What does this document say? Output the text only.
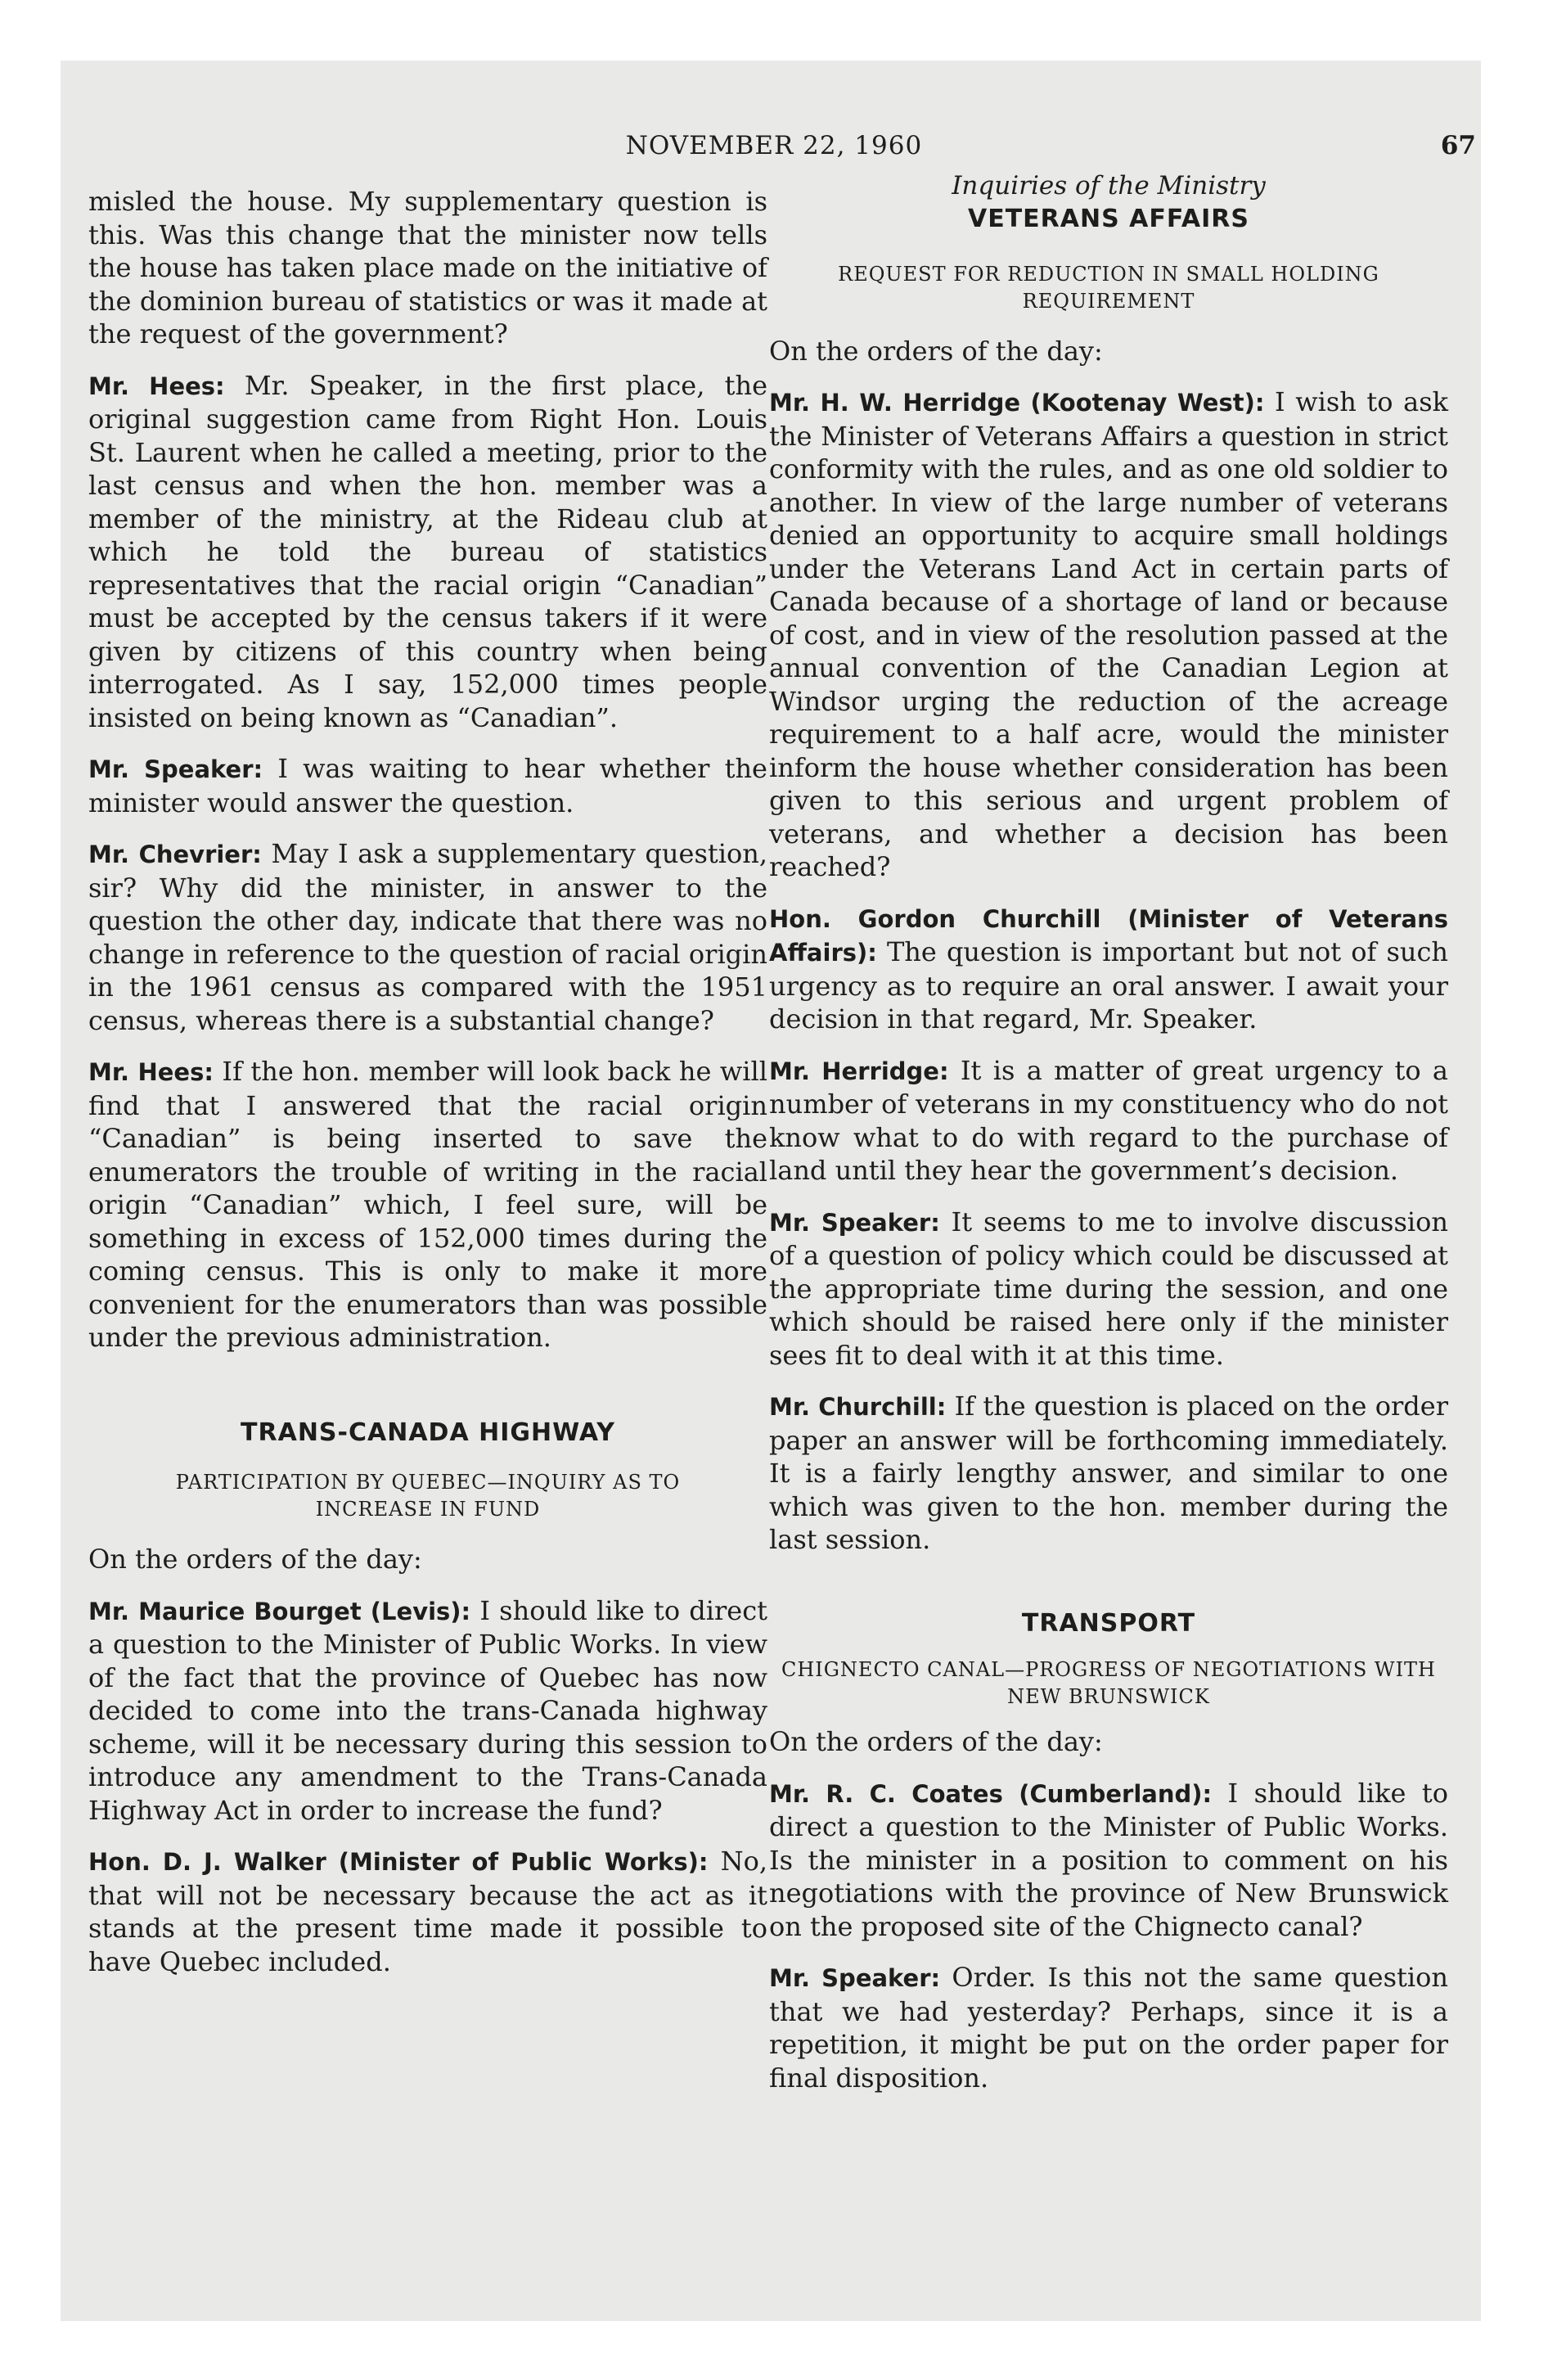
NOVEMBER 22, 1960	67

misled the house. My supplementary question is this. Was this change that the minister now tells the house has taken place made on the initiative of the dominion bureau of statistics or was it made at the request of the government?

Mr. Hees: Mr. Speaker, in the first place, the original suggestion came from Right Hon. Louis St. Laurent when he called a meeting, prior to the last census and when the hon. member was a member of the ministry, at the Rideau club at which he told the bureau of statistics representatives that the racial origin “Canadian” must be accepted by the census takers if it were given by citizens of this country when being interrogated. As I say, 152,000 times people insisted on being known as “Canadian”.

Mr. Speaker: I was waiting to hear whether the minister would answer the question.

Mr. Chevrier: May I ask a supplementary question, sir? Why did the minister, in answer to the question the other day, indicate that there was no change in reference to the question of racial origin in the 1961 census as compared with the 1951 census, whereas there is a substantial change?

Mr. Hees: If the hon. member will look back he will find that I answered that the racial origin “Canadian” is being inserted to save the enumerators the trouble of writing in the racial origin “Canadian” which, I feel sure, will be something in excess of 152,000 times during the coming census. This is only to make it more convenient for the enumerators than was possible under the previous administration.

TRANS-CANADA HIGHWAY

PARTICIPATION BY QUEBEC—INQUIRY AS TO INCREASE IN FUND

On the orders of the day:

Mr. Maurice Bourget (Levis): I should like to direct a question to the Minister of Public Works. In view of the fact that the province of Quebec has now decided to come into the trans-Canada highway scheme, will it be necessary during this session to introduce any amendment to the Trans-Canada Highway Act in order to increase the fund?

Hon. D. J. Walker (Minister of Public Works): No, that will not be necessary because the act as it stands at the present time made it possible to have Quebec included.

Inquiries of the Ministry

VETERANS AFFAIRS

REQUEST FOR REDUCTION IN SMALL HOLDING REQUIREMENT

On the orders of the day:

Mr. H. W. Herridge (Kootenay West): I wish to ask the Minister of Veterans Affairs a question in strict conformity with the rules, and as one old soldier to another. In view of the large number of veterans denied an opportunity to acquire small holdings under the Veterans Land Act in certain parts of Canada because of a shortage of land or because of cost, and in view of the resolution passed at the annual convention of the Canadian Legion at Windsor urging the reduction of the acreage requirement to a half acre, would the minister inform the house whether consideration has been given to this serious and urgent problem of veterans, and whether a decision has been reached?

Hon. Gordon Churchill (Minister of Veterans Affairs): The question is important but not of such urgency as to require an oral answer. I await your decision in that regard, Mr. Speaker.

Mr. Herridge: It is a matter of great urgency to a number of veterans in my constituency who do not know what to do with regard to the purchase of land until they hear the government’s decision.

Mr. Speaker: It seems to me to involve discussion of a question of policy which could be discussed at the appropriate time during the session, and one which should be raised here only if the minister sees fit to deal with it at this time.

Mr. Churchill: If the question is placed on the order paper an answer will be forthcoming immediately. It is a fairly lengthy answer, and similar to one which was given to the hon. member during the last session.

TRANSPORT

CHIGNECTO CANAL—PROGRESS OF NEGOTIATIONS WITH NEW BRUNSWICK

On the orders of the day:

Mr. R. C. Coates (Cumberland): I should like to direct a question to the Minister of Public Works. Is the minister in a position to comment on his negotiations with the province of New Brunswick on the proposed site of the Chignecto canal?

Mr. Speaker: Order. Is this not the same question that we had yesterday? Perhaps, since it is a repetition, it might be put on the order paper for final disposition.
